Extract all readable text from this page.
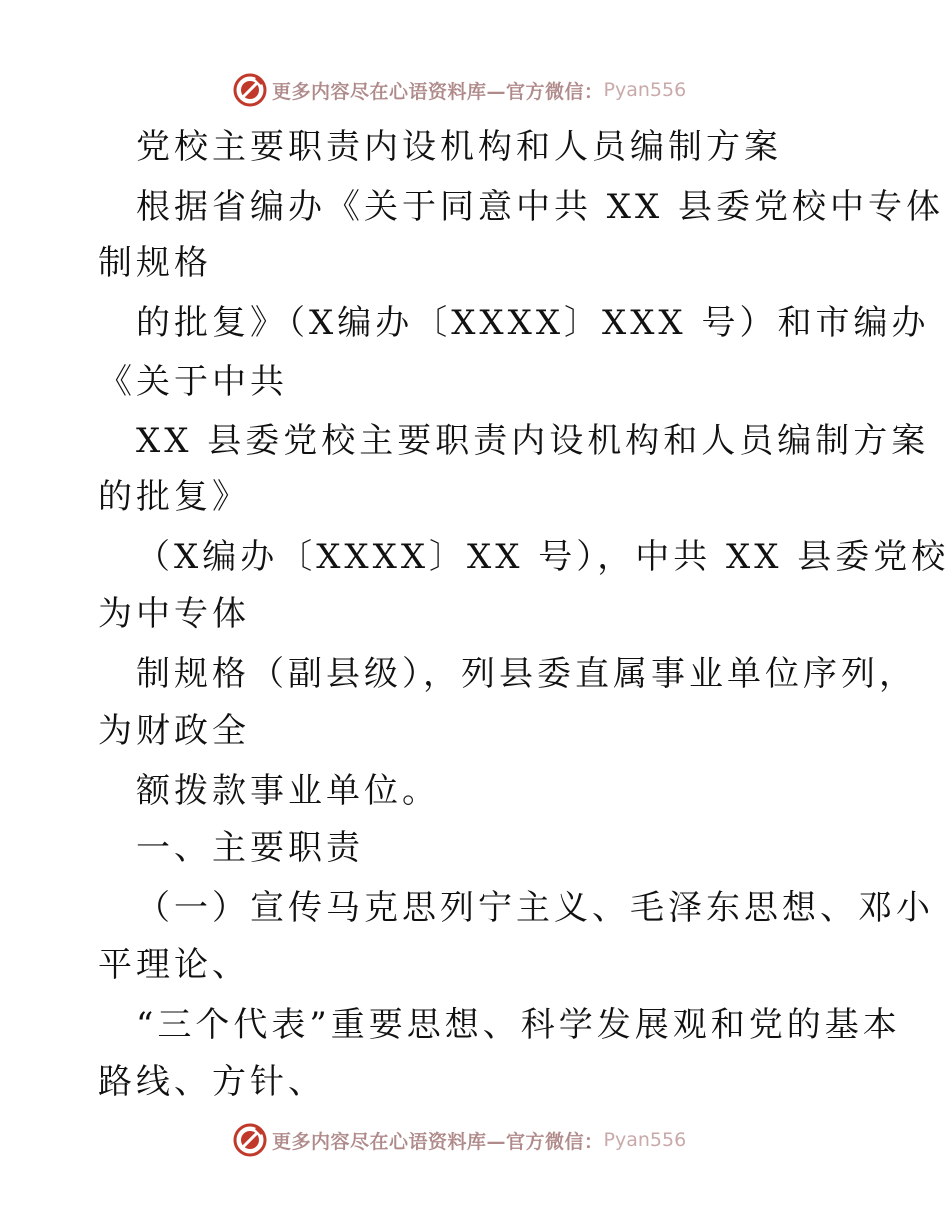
更多内容尽在心语资料库—官方微信： Pyan556
党校主要职责内设机构和人员编制方案
根据省编办《关于同意中共 XX 县委党校中专体
制规格
的批复》（X编办〔XXXX〕XXX 号）和市编办
《关于中共
XX 县委党校主要职责内设机构和人员编制方案
的批复》
（X编办〔XXXX〕XX 号），中共 XX 县委党校
为中专体
制规格（副县级），列县委直属事业单位序列，
为财政全
额拨款事业单位。
一、主要职责
（一）宣传马克思列宁主义、毛泽东思想、邓小
平理论、
“三个代表”重要思想、科学发展观和党的基本
路线、方针、
更多内容尽在心语资料库—官方微信： Pyan556
